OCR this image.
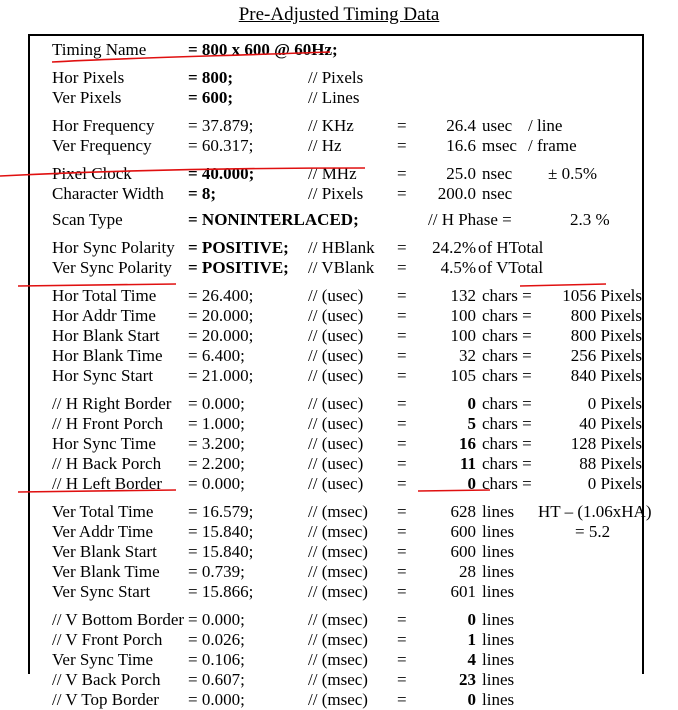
Pre-Adjusted Timing Data
Timing Name = 800 x 600 @ 60Hz;
Hor Pixels	= 800;	// Pixels
Ver Pixels	= 600;	// Lines
Hor Frequency = 37.879;	// KHz	=	26.4 usec / line
Ver Frequency = 60.317;	// Hz	=	16.6 msec / frame
Pixel Clock	= 40.000;	// MHz =	25.0 nsec ± 0.5%
Character Width = 8;	// Pixels =	200.0 nsec
Scan Type	= NONINTERLACED;	// H Phase =	2.3 %
Hor Sync Polarity = POSITIVE; // HBlank =	24.2% of HTotal
Ver Sync Polarity = POSITIVE; // VBlank =	4.5% of VTotal
Hor Total Time = 26.400;	// (usec) =	132 chars =	1056 Pixels
Hor Addr Time = 20.000;	// (usec) =	100 chars =	800 Pixels
Hor Blank Start = 20.000;	// (usec) =	100 chars =	800 Pixels
Hor Blank Time = 6.400;	// (usec) =	32 chars =	256 Pixels
Hor Sync Start = 21.000;	// (usec) =	105 chars =	840 Pixels
// H Right Border = 0.000;	// (usec) =	0 chars =	0 Pixels
// H Front Porch = 1.000;	// (usec) =	5 chars =	40 Pixels
Hor Sync Time = 3.200;	// (usec) =	16 chars =	128 Pixels
// H Back Porch = 2.200;	// (usec) =	11 chars =	88 Pixels
// H Left Border = 0.000;	// (usec) =	0 chars =	0 Pixels
Ver Total Time = 16.579;	// (msec) =	628 lines HT – (1.06xHA)
Ver Addr Time = 15.840;	// (msec) =	600 lines	= 5.2
Ver Blank Start = 15.840;	// (msec) =	600 lines
Ver Blank Time = 0.739;	// (msec) =	28 lines
Ver Sync Start = 15.866;	// (msec) =	601 lines
// V Bottom Border = 0.000;	// (msec) =	0 lines
// V Front Porch = 0.026;	// (msec) =	1 lines
Ver Sync Time = 0.106;	// (msec) =	4 lines
// V Back Porch = 0.607;	// (msec) =	23 lines
// V Top Border = 0.000;	// (msec) =	0 lines
